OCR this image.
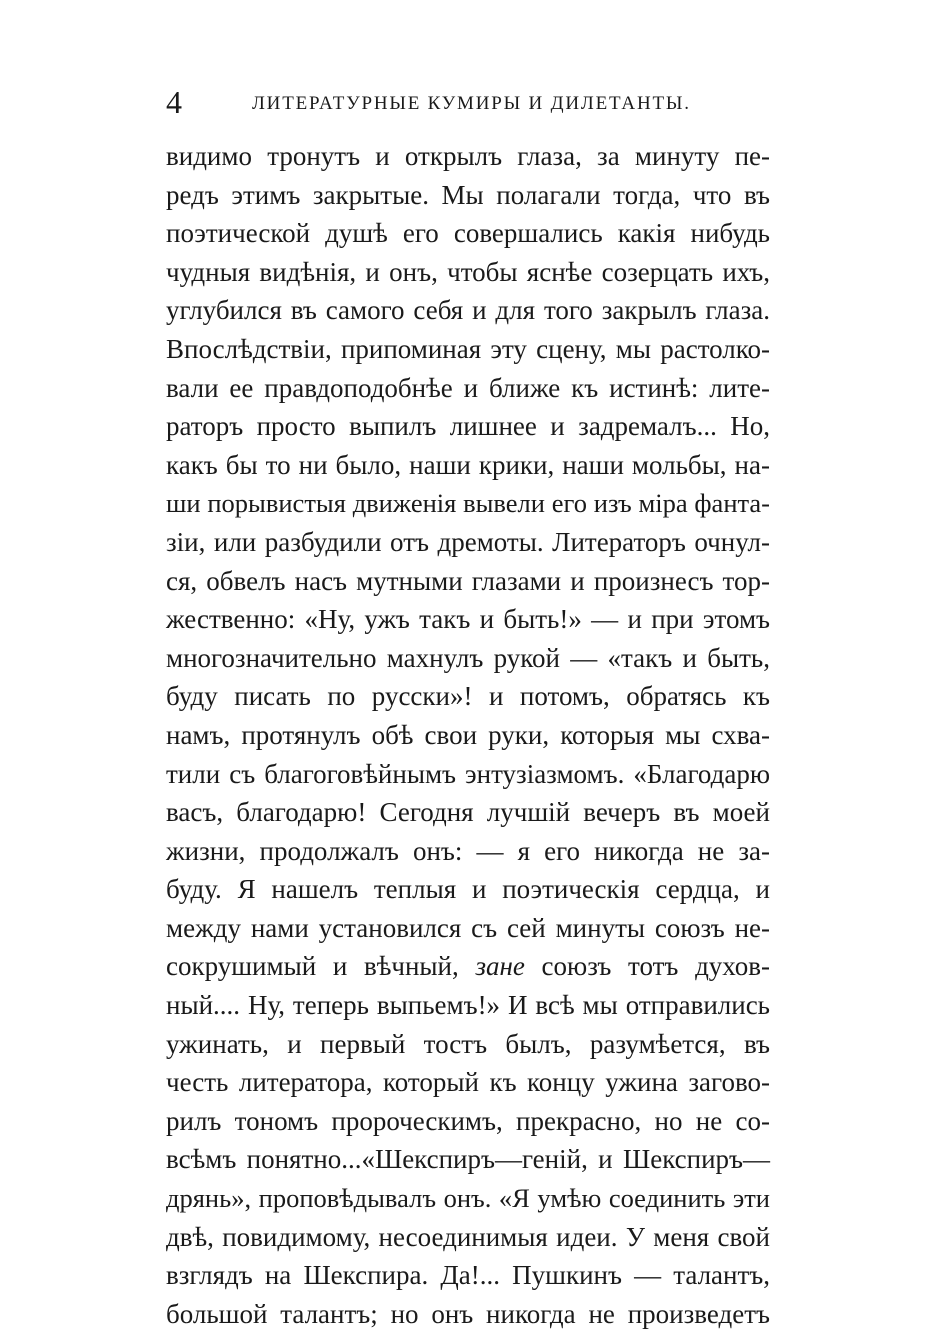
4	ЛИТЕРАТУРНЫЕ КУМИРЫ И ДИЛЕТАНТЫ.
видимо тронутъ и открылъ глаза, за минуту пе-
редъ этимъ закрытые. Мы полагали тогда, что въ
поэтической душѣ его совершались какія нибудь
чудныя видѣнія, и онъ, чтобы яснѣе созерцать ихъ,
углубился въ самого себя и для того закрылъ глаза.
Впослѣдствіи, припоминая эту сцену, мы растолко-
вали ее правдоподобнѣе и ближе къ истинѣ: лите-
раторъ просто выпилъ лишнее и задремалъ... Но,
какъ бы то ни было, наши крики, наши мольбы, на-
ши порывистыя движенія вывели его изъ міра фанта-
зіи, или разбудили отъ дремоты. Литераторъ очнул-
ся, обвелъ насъ мутными глазами и произнесъ тор-
жественно: «Ну, ужъ такъ и быть!» — и при этомъ
многозначительно махнулъ рукой — «такъ и быть,
буду писать по русски»! и потомъ, обратясь къ
намъ, протянулъ обѣ свои руки, которыя мы схва-
тили съ благоговѣйнымъ энтузіазмомъ. «Благодарю
васъ, благодарю! Сегодня лучшій вечеръ въ моей
жизни, продолжалъ онъ: — я его никогда не за-
буду. Я нашелъ теплыя и поэтическія сердца, и
между нами установился съ сей минуты союзъ не-
сокрушимый и вѣчный, зане союзъ тотъ духов-
ный.... Ну, теперь выпьемъ!» И всѣ мы отправились
ужинать, и первый тостъ былъ, разумѣется, въ
честь литератора, который къ концу ужина загово-
рилъ тономъ пророческимъ, прекрасно, но не со-
всѣмъ понятно...«Шекспиръ—геній, и Шекспиръ—
дрянь», проповѣдывалъ онъ. «Я умѣю соединить эти
двѣ, повидимому, несоединимыя идеи. У меня свой
взглядъ на Шекспира. Да!... Пушкинъ — талантъ,
большой талантъ; но онъ никогда не произведетъ
